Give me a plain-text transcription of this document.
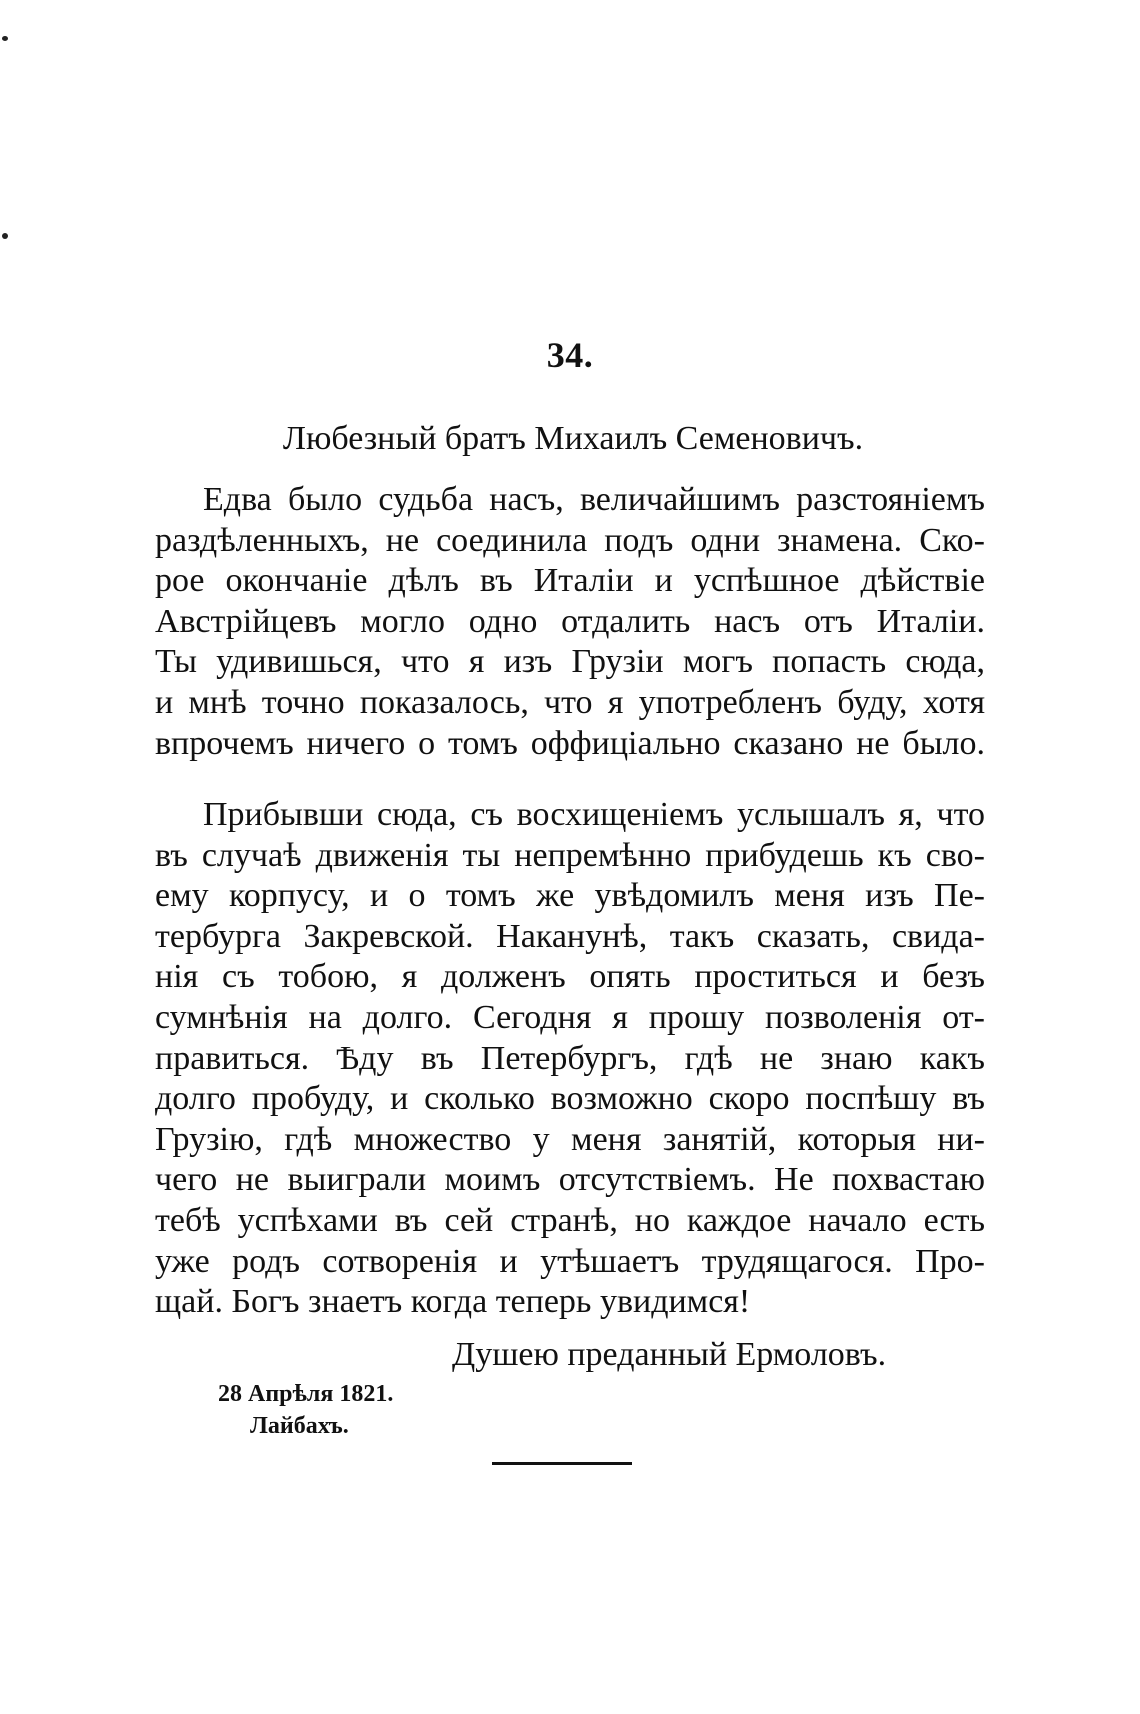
34.
Любезный братъ Михаилъ Семеновичъ.
Едва было судьба насъ, величайшимъ разстояніемъ
раздѣленныхъ, не соединила подъ одни знамена. Ско-
рое окончаніе дѣлъ въ Италіи и успѣшное дѣйствіе
Австрійцевъ могло одно отдалить насъ отъ Италіи.
Ты удивишься, что я изъ Грузіи могъ попасть сюда,
и мнѣ точно показалось, что я употребленъ буду, хотя
впрочемъ ничего о томъ оффиціально сказано не было.
Прибывши сюда, съ восхищеніемъ услышалъ я, что
въ случаѣ движенія ты непремѣнно прибудешь къ сво-
ему корпусу, и о томъ же увѣдомилъ меня изъ Пе-
тербурга Закревской. Наканунѣ, такъ сказать, свида-
нія съ тобою, я долженъ опять проститься и безъ
сумнѣнія на долго. Сегодня я прошу позволенія от-
правиться. Ѣду въ Петербургъ, гдѣ не знаю какъ
долго пробуду, и сколько возможно скоро поспѣшу въ
Грузію, гдѣ множество у меня занятій, которыя ни-
чего не выиграли моимъ отсутствіемъ. Не похвастаю
тебѣ успѣхами въ сей странѣ, но каждое начало есть
уже родъ сотворенія и утѣшаетъ трудящагося. Про-
щай. Богъ знаетъ когда теперь увидимся!
Душею преданный Ермоловъ.
28 Апрѣля 1821.
Лайбахъ.
